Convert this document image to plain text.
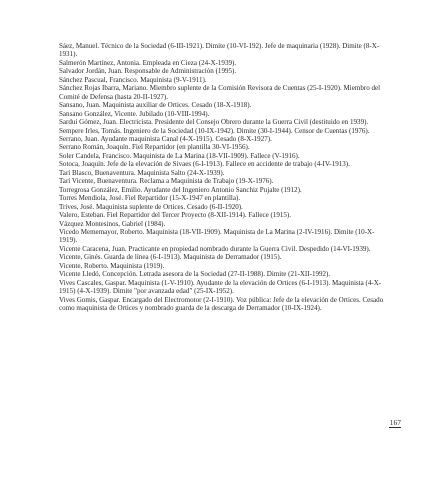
Sáez, Manuel. Técnico de la Sociedad (6-III-1921). Dimite (10-VI-192). Jefe de maquinaria (1928). Dimite (8-X-1931).

Salmerón Martínez, Antonia. Empleada en Cieza (24-X-1939).

Salvador Jordán, Juan. Responsable de Administración (1995).

Sánchez Pascual, Francisco. Maquinista (9-V-1911).

Sánchez Rojas Ibarra, Mariano. Miembro suplente de la Comisión Revisora de Cuentas (25-I-1920). Miembro del Comité de Defensa (hasta 20-II-1927).

Sansano, Juan. Maquinista auxiliar de Ortices. Cesado (18-X-1918).

Sansano González, Vicente. Jubilado (10-VIII-1994).

Sardui Gómez, Juan. Electricista. Presidente del Consejo Obrero durante la Guerra Civil (destituido en 1939).

Sempere Irles, Tomás. Ingeniero de la Sociedad (10-IX-1942). Dimite (30-I-1944). Censor de Cuentas (1976).

Serrano, Juan. Ayudante maquinista Canal (4-X-1915). Cesado (8-X-1927).

Serrano Román, Joaquín. Fiel Repartidor (en plantilla 30-VI-1956).

Soler Candela, Francisco. Maquinista de La Marina (18-VII-1909). Fallece (V-1916).

Sotoca, Joaquín. Jefe de la elevación de Sivaes (6-I-1913). Fallece en accidente de trabajo (4-IV-1913).

Tarí Blasco, Buenaventura. Maquinista Salto (24-X-1939).

Tarí Vicente, Buenaventura. Reclama a Maquinista de Trabajo (19-X-1976).

Torregrosa González, Emilio. Ayudante del Ingeniero Antonio Sanchiz Pujalte (1912).

Torres Mendiola, José. Fiel Repartidor (15-X-1947 en plantilla).

Trives, José. Maquinista suplente de Ortices. Cesado (6-II-1920).

Valero, Esteban. Fiel Repartidor del Tercer Proyecto (8-XII-1914). Fallece (1915).

Vázquez Montesinos, Gabriel (1984).

Vicedo Mememayor, Roberto. Maquinista (18-VII-1909). Maquinista de La Marina (2-IV-1916). Dimite (10-X-1919).

Vicente Caracena, Juan. Practicante en propiedad nombrado durante la Guerra Civil. Despedido (14-VI-1939).

Vicente, Ginés. Guarda de línea (6-I-1913). Maquinista de Derramador (1915).

Vicente, Roberto. Maquinista (1919).

Vicente Lledó, Concepción. Letrada asesora de la Sociedad (27-II-1988). Dimite (21-XII-1992).

Vives Cascales, Gaspar. Maquinista (1-V-1910). Ayudante de la elevación de Ortices (6-I-1913). Maquinista (4-X-1915) (4-X-1939). Dimite "por avanzada edad" (25-IX-1952).

Vives Gomis, Gaspar. Encargado del Electromotor (2-I-1910). Voz pública: Jefe de la elevación de Ortices. Cesado como maquinista de Ortices y nombrado guarda de la descarga de Derramador (10-IX-1924).

167
